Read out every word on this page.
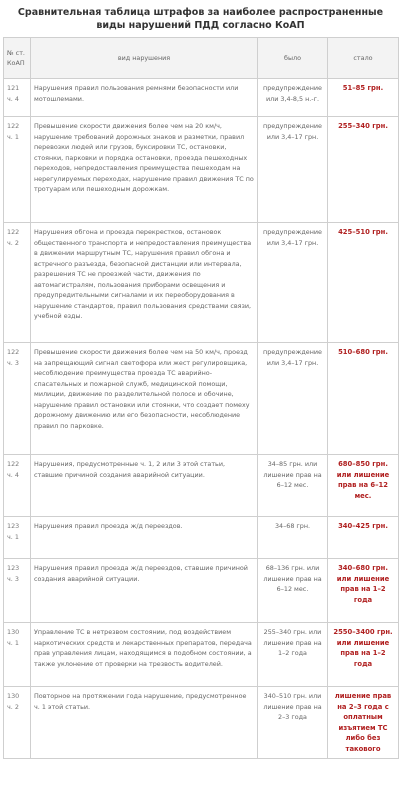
Сравнительная таблица штрафов за наиболее распространенные виды нарушений ПДД согласно КоАП
№ ст. КоАП	вид нарушения	было	стало
121 ч. 4	Нарушения правил пользования ремнями безопасности или мотошлемами.	предупреждение или 3,4-8,5 н.-г.	51–85 грн.
122 ч. 1	Превышение скорости движения более чем на 20 км/ч, нарушение требований дорожных знаков и разметки, правил перевозки людей или грузов, буксировки ТС, остановки, стоянки, парковки и порядка остановки, проезда пешеходных переходов, непредоставления преимущества пешеходам на нерегулируемых переходах, нарушение правил движения ТС по тротуарам или пешеходным дорожкам.	предупреждение или 3,4–17 грн.	255–340 грн.
122 ч. 2	Нарушения обгона и проезда перекрестков, остановок общественного транспорта и непредоставления преимущества в движении маршрутным ТС, нарушения правил обгона и встречного разъезда, безопасной дистанции или интервала, разрешения ТС не проезжей части, движения по автомагистралям, пользования приборами освещения и предупредительными сигналами и их переоборудования в нарушение стандартов, правил пользования средствами связи, учебной езды.	предупреждение или 3,4–17 грн.	425–510 грн.
122 ч. 3	Превышение скорости движения более чем на 50 км/ч, проезд на запрещающий сигнал светофора или жест регулировщика, несоблюдение преимущества проезда ТС аварийно-спасательных и пожарной служб, медицинской помощи, милиции, движение по разделительной полосе и обочине, нарушение правил остановки или стоянки, что создает помеху дорожному движению или его безопасности, несоблюдение правил по парковке.	предупреждение или 3,4–17 грн.	510–680 грн.
122 ч. 4	Нарушения, предусмотренные ч. 1, 2 или 3 этой статьи, ставшие причиной создания аварийной ситуации.	34–85 грн. или лишение прав на 6–12 мес.	680–850 грн. или лишение прав на 6–12 мес.
123 ч. 1	Нарушения правил проезда ж/д переездов.	34–68 грн.	340–425 грн.
123 ч. 3	Нарушения правил проезда ж/д переездов, ставшие причиной создания аварийной ситуации.	68–136 грн. или лишение прав на 6–12 мес.	340–680 грн. или лишение прав на 1–2 года
130 ч. 1	Управление ТС в нетрезвом состоянии, под воздействием наркотических средств и лекарственных препаратов, передача прав управления лицам, находящимся в подобном состоянии, а также уклонение от проверки на трезвость водителей.	255–340 грн. или лишение прав на 1–2 года	2550–3400 грн. или лишение прав на 1–2 года
130 ч. 2	Повторное на протяжении года нарушение, предусмотренное ч. 1 этой статьи.	340–510 грн. или лишение прав на 2–3 года	лишение прав на 2–3 года с оплатным изъятием ТС либо без такового
